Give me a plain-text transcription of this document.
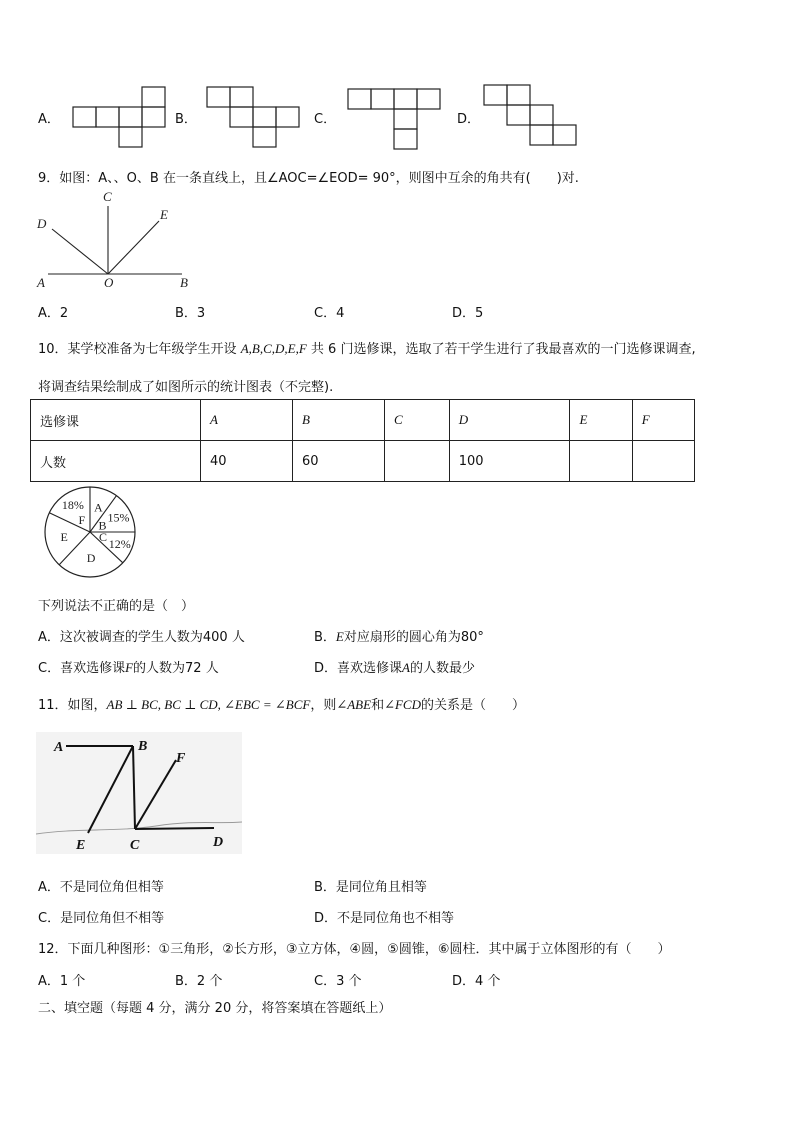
A．	B．	C．	D．
9．如图：A、、O、B 在一条直线上，且∠AOC=∠EOD= 90°，则图中互余的角共有(　　)对.
C
D
E
A	O	B
A．2	B．3	C．4	D．5
10．某学校准备为七年级学生开设 A,B,C,D,E,F 共 6 门选修课，选取了若干学生进行了我最喜欢的一门选修课调查,
将调查结果绘制成了如图所示的统计图表（不完整).
选修课	A	B	C	D	E	F
人数	40	60		100		
A
B
15%
C 12%
D
E
F
18%
下列说法不正确的是（　）
A．这次被调查的学生人数为400 人	B．E对应扇形的圆心角为80°
C．喜欢选修课F的人数为72 人	D．喜欢选修课A的人数最少
11．如图，AB ⊥ BC, BC ⊥ CD, ∠EBC = ∠BCF，则∠ABE和∠FCD的关系是（　　）
A	B
F
E	C	D
A．不是同位角但相等	B．是同位角且相等
C．是同位角但不相等	D．不是同位角也不相等
12．下面几种图形：①三角形，②长方形，③立方体，④圆，⑤圆锥，⑥圆柱．其中属于立体图形的有（　　）
A．1 个	B．2 个	C．3 个	D．4 个
二、填空题（每题 4 分，满分 20 分，将答案填在答题纸上）
